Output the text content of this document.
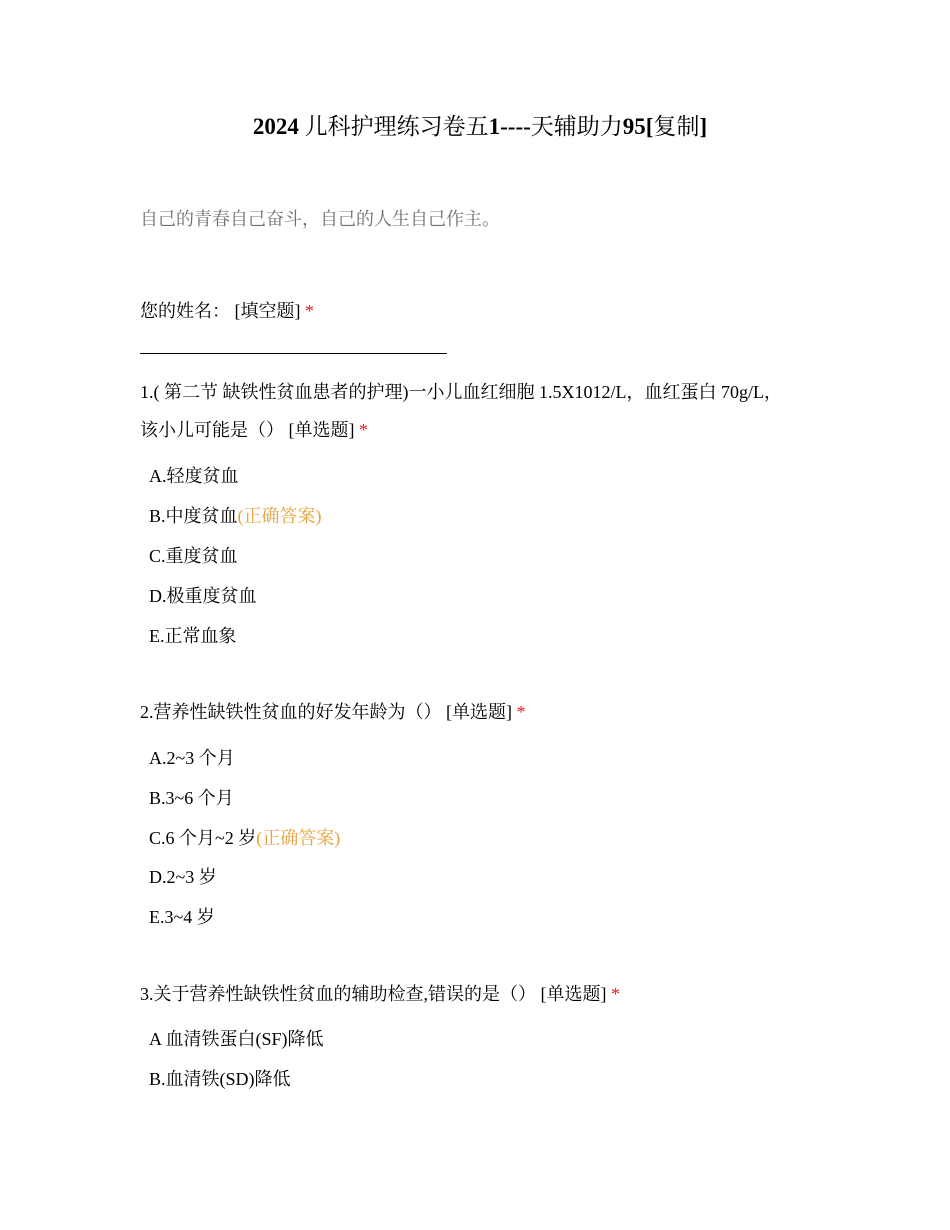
2024 儿科护理练习卷五1----天辅助力95[复制]
自己的青春自己奋斗，自己的人生自己作主。
您的姓名： [填空题] *
1.( 第二节 缺铁性贫血患者的护理)一小儿血红细胞 1.5X1012/L，血红蛋白 70g/L，
该小儿可能是（） [单选题] *
A.轻度贫血
B.中度贫血(正确答案)
C.重度贫血
D.极重度贫血
E.正常血象
2.营养性缺铁性贫血的好发年龄为（） [单选题] *
A.2~3 个月
B.3~6 个月
C.6 个月~2 岁(正确答案)
D.2~3 岁
E.3~4 岁
3.关于营养性缺铁性贫血的辅助检查,错误的是（） [单选题] *
A 血清铁蛋白(SF)降低
B.血清铁(SD)降低
